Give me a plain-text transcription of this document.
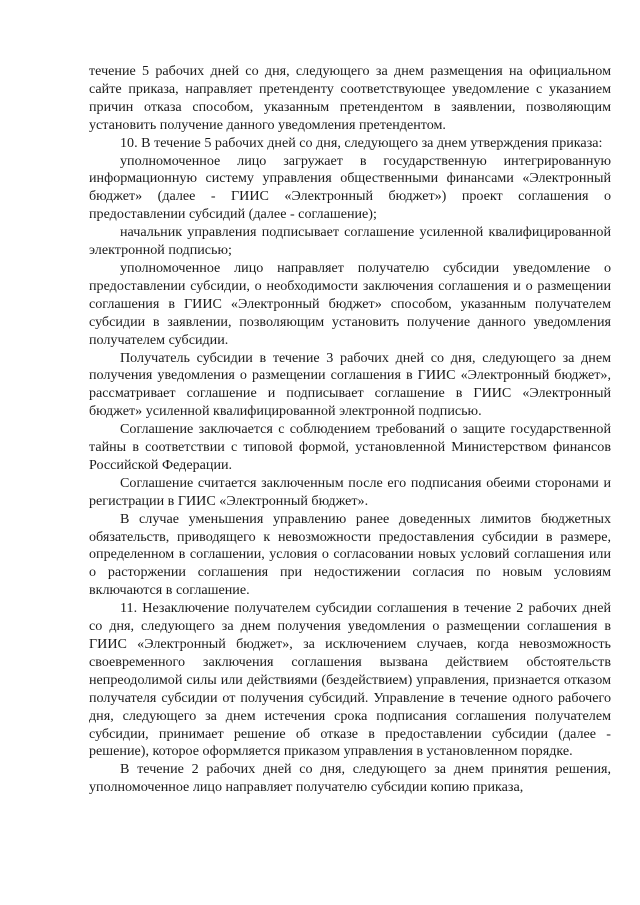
течение 5 рабочих дней со дня, следующего за днем размещения на официальном сайте приказа, направляет претенденту соответствующее уведомление с указанием причин отказа способом, указанным претендентом в заявлении, позволяющим установить получение данного уведомления претендентом.

10. В течение 5 рабочих дней со дня, следующего за днем утверждения приказа:

уполномоченное лицо загружает в государственную интегрированную информационную систему управления общественными финансами «Электронный бюджет» (далее - ГИИС «Электронный бюджет») проект соглашения о предоставлении субсидий (далее - соглашение);

начальник управления подписывает соглашение усиленной квалифицированной электронной подписью;

уполномоченное лицо направляет получателю субсидии уведомление о предоставлении субсидии, о необходимости заключения соглашения и о размещении соглашения в ГИИС «Электронный бюджет» способом, указанным получателем субсидии в заявлении, позволяющим установить получение данного уведомления получателем субсидии.

Получатель субсидии в течение 3 рабочих дней со дня, следующего за днем получения уведомления о размещении соглашения в ГИИС «Электронный бюджет», рассматривает соглашение и подписывает соглашение в ГИИС «Электронный бюджет» усиленной квалифицированной электронной подписью.

Соглашение заключается с соблюдением требований о защите государственной тайны в соответствии с типовой формой, установленной Министерством финансов Российской Федерации.

Соглашение считается заключенным после его подписания обеими сторонами и регистрации в ГИИС «Электронный бюджет».

В случае уменьшения управлению ранее доведенных лимитов бюджетных обязательств, приводящего к невозможности предоставления субсидии в размере, определенном в соглашении, условия о согласовании новых условий соглашения или о расторжении соглашения при недостижении согласия по новым условиям включаются в соглашение.

11. Незаключение получателем субсидии соглашения в течение 2 рабочих дней со дня, следующего за днем получения уведомления о размещении соглашения в ГИИС «Электронный бюджет», за исключением случаев, когда невозможность своевременного заключения соглашения вызвана действием обстоятельств непреодолимой силы или действиями (бездействием) управления, признается отказом получателя субсидии от получения субсидий. Управление в течение одного рабочего дня, следующего за днем истечения срока подписания соглашения получателем субсидии, принимает решение об отказе в предоставлении субсидии (далее - решение), которое оформляется приказом управления в установленном порядке.

В течение 2 рабочих дней со дня, следующего за днем принятия решения, уполномоченное лицо направляет получателю субсидии копию приказа,
